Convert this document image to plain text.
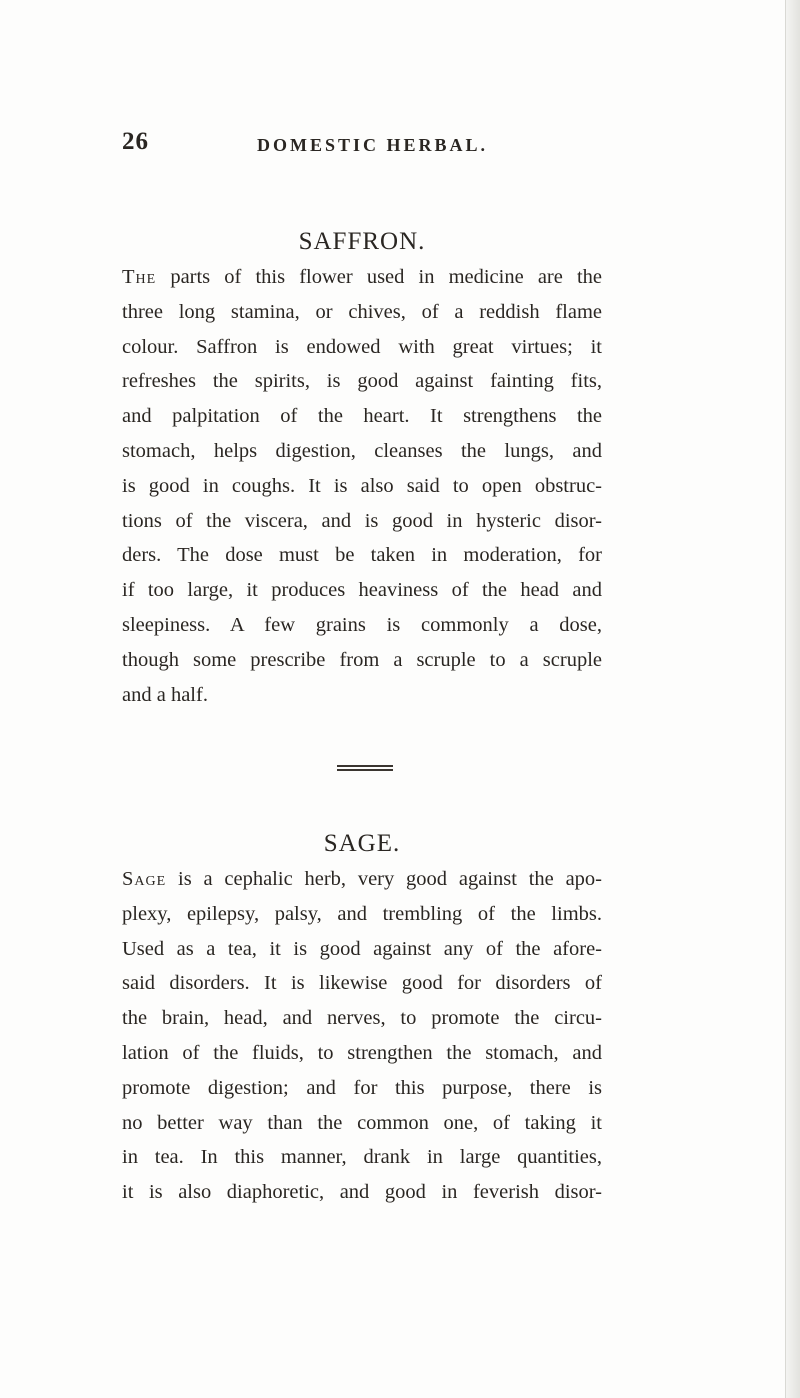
26	DOMESTIC HERBAL.
SAFFRON.

The parts of this flower used in medicine are the
three long stamina, or chives, of a reddish flame
colour. Saffron is endowed with great virtues; it
refreshes the spirits, is good against fainting fits,
and palpitation of the heart. It strengthens the
stomach, helps digestion, cleanses the lungs, and
is good in coughs. It is also said to open obstruc-
tions of the viscera, and is good in hysteric disor-
ders. The dose must be taken in moderation, for
if too large, it produces heaviness of the head and
sleepiness. A few grains is commonly a dose,
though some prescribe from a scruple to a scruple
and a half.

SAGE.

Sage is a cephalic herb, very good against the apo-
plexy, epilepsy, palsy, and trembling of the limbs.
Used as a tea, it is good against any of the afore-
said disorders. It is likewise good for disorders of
the brain, head, and nerves, to promote the circu-
lation of the fluids, to strengthen the stomach, and
promote digestion; and for this purpose, there is
no better way than the common one, of taking it
in tea. In this manner, drank in large quantities,
it is also diaphoretic, and good in feverish disor-
